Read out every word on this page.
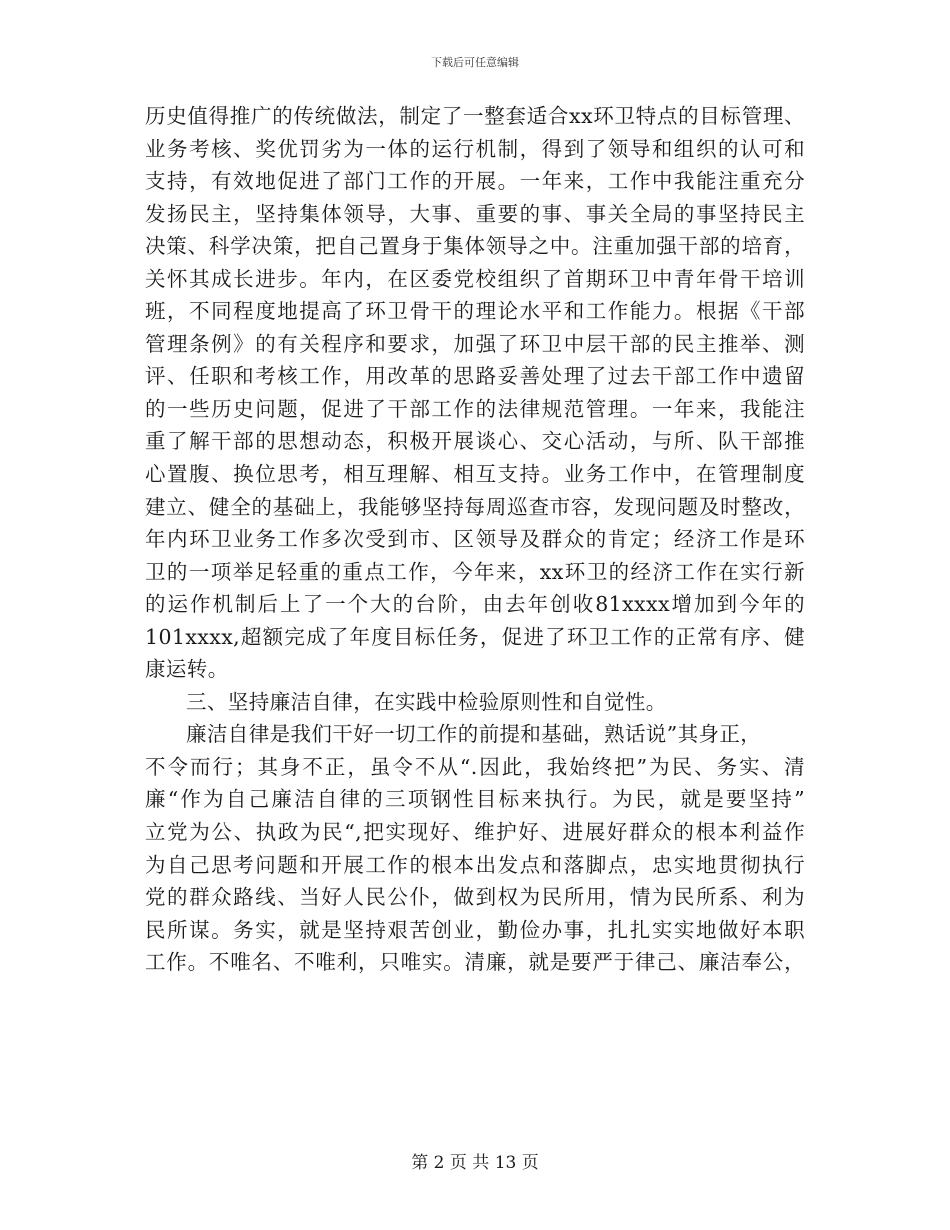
下载后可任意编辑
历史值得推广的传统做法，制定了一整套适合xx环卫特点的目标管理、
业务考核、奖优罚劣为一体的运行机制，得到了领导和组织的认可和
支持，有效地促进了部门工作的开展。一年来，工作中我能注重充分
发扬民主，坚持集体领导，大事、重要的事、事关全局的事坚持民主
决策、科学决策，把自己置身于集体领导之中。注重加强干部的培育，
关怀其成长进步。年内，在区委党校组织了首期环卫中青年骨干培训
班，不同程度地提高了环卫骨干的理论水平和工作能力。根据《干部
管理条例》的有关程序和要求，加强了环卫中层干部的民主推举、测
评、任职和考核工作，用改革的思路妥善处理了过去干部工作中遗留
的一些历史问题，促进了干部工作的法律规范管理。一年来，我能注
重了解干部的思想动态，积极开展谈心、交心活动，与所、队干部推
心置腹、换位思考，相互理解、相互支持。业务工作中，在管理制度
建立、健全的基础上，我能够坚持每周巡查市容，发现问题及时整改，
年内环卫业务工作多次受到市、区领导及群众的肯定；经济工作是环
卫的一项举足轻重的重点工作，今年来，xx环卫的经济工作在实行新
的运作机制后上了一个大的台阶，由去年创收81xxxx增加到今年的
101xxxx,超额完成了年度目标任务，促进了环卫工作的正常有序、健
康运转。
三、坚持廉洁自律，在实践中检验原则性和自觉性。
廉洁自律是我们干好一切工作的前提和基础，熟话说”其身正，
不令而行；其身不正，虽令不从“.因此，我始终把”为民、务实、清
廉“作为自己廉洁自律的三项钢性目标来执行。为民，就是要坚持”
立党为公、执政为民“,把实现好、维护好、进展好群众的根本利益作
为自己思考问题和开展工作的根本出发点和落脚点，忠实地贯彻执行
党的群众路线、当好人民公仆，做到权为民所用，情为民所系、利为
民所谋。务实，就是坚持艰苦创业，勤俭办事，扎扎实实地做好本职
工作。不唯名、不唯利，只唯实。清廉，就是要严于律己、廉洁奉公，
第 2 页 共 13 页
